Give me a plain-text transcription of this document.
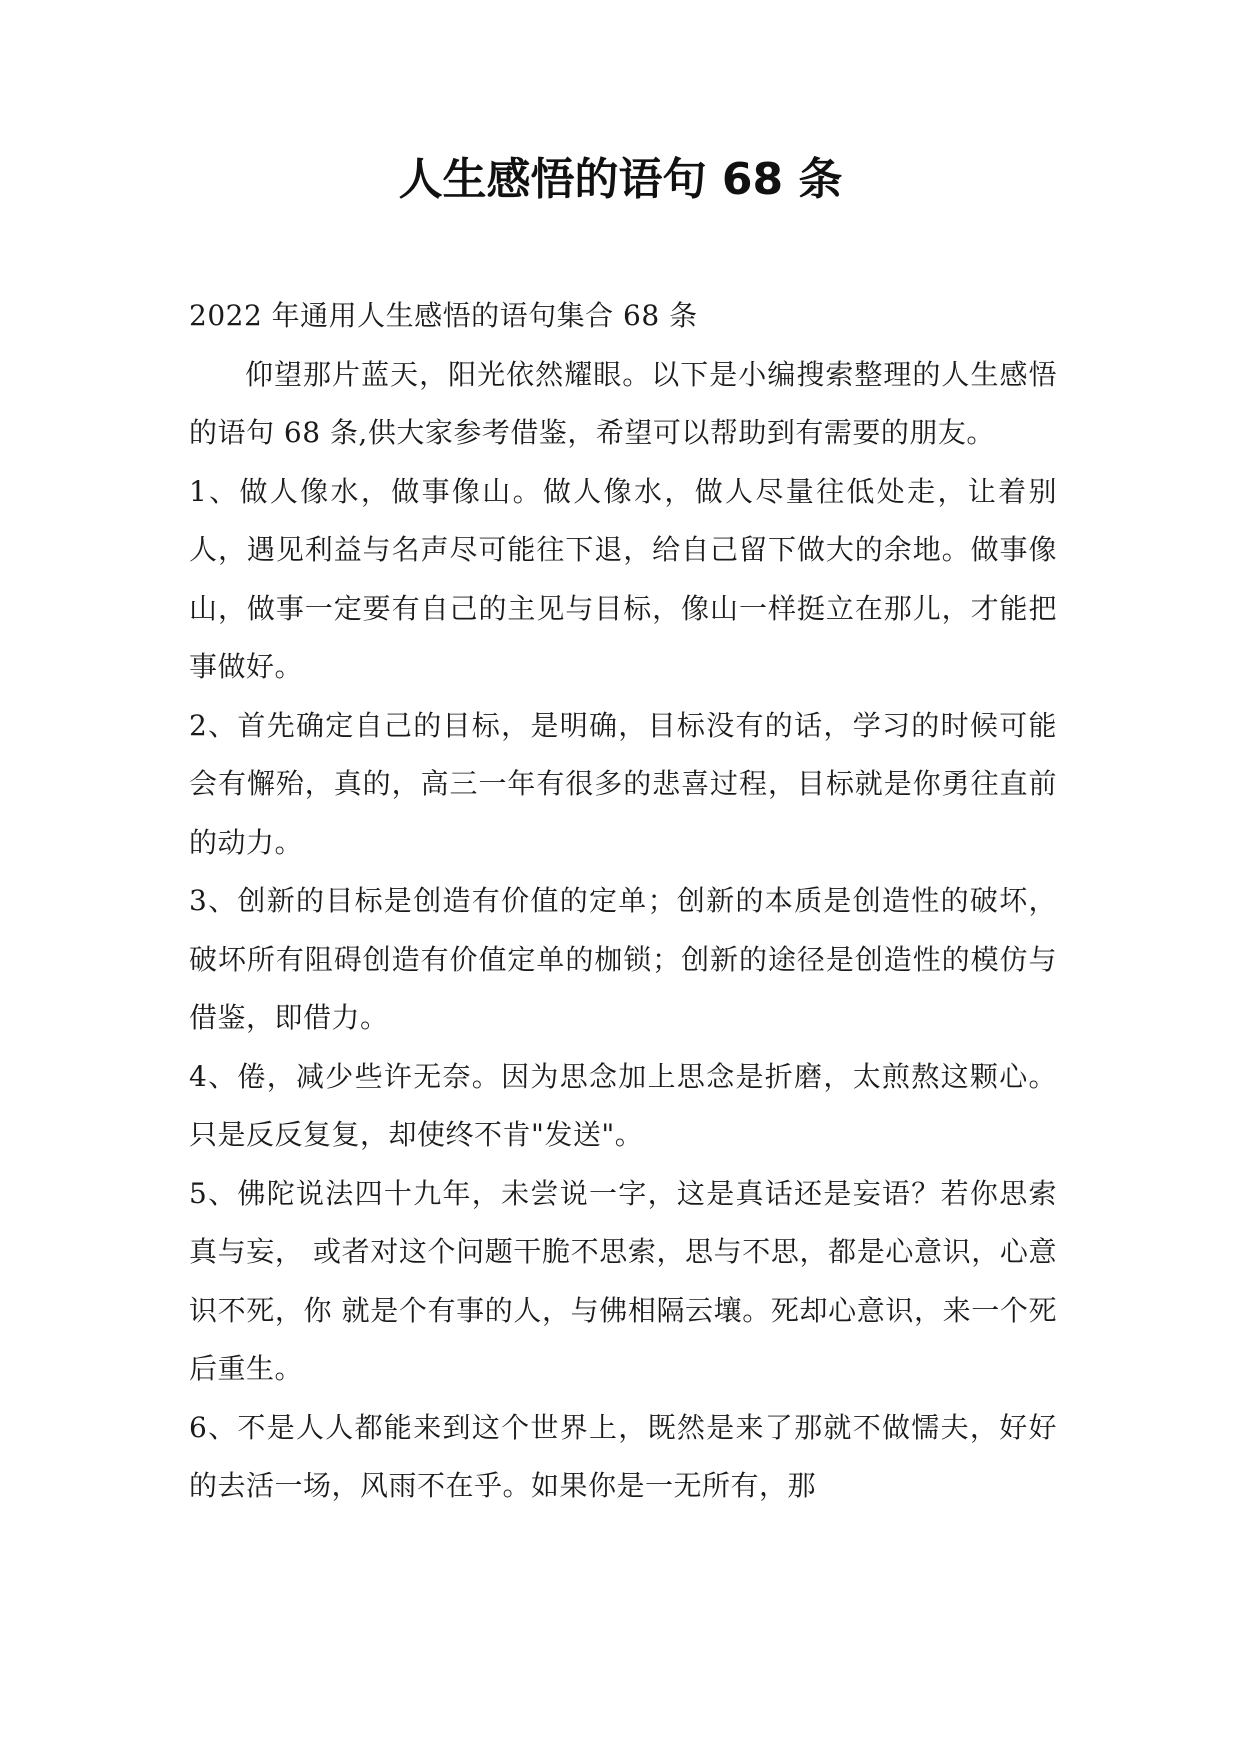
人生感悟的语句 68 条

2022 年通用人生感悟的语句集合 68 条

仰望那片蓝天，阳光依然耀眼。以下是小编搜索整理的人生感悟的语句 68 条,供大家参考借鉴，希望可以帮助到有需要的朋友。

1、做人像水，做事像山。做人像水，做人尽量往低处走，让着别人，遇见利益与名声尽可能往下退，给自己留下做大的余地。做事像山，做事一定要有自己的主见与目标，像山一样挺立在那儿，才能把事做好。

2、首先确定自己的目标，是明确，目标没有的话，学习的时候可能会有懈殆，真的，高三一年有很多的悲喜过程，目标就是你勇往直前的动力。

3、创新的目标是创造有价值的定单；创新的本质是创造性的破坏，破坏所有阻碍创造有价值定单的枷锁；创新的途径是创造性的模仿与借鉴，即借力。

4、倦，减少些许无奈。因为思念加上思念是折磨，太煎熬这颗心。只是反反复复，却使终不肯"发送"。

5、佛陀说法四十九年，未尝说一字，这是真话还是妄语？若你思索真与妄， 或者对这个问题干脆不思索，思与不思，都是心意识，心意识不死，你 就是个有事的人，与佛相隔云壤。死却心意识，来一个死后重生。

6、不是人人都能来到这个世界上，既然是来了那就不做懦夫，好好的去活一场，风雨不在乎。如果你是一无所有，那
